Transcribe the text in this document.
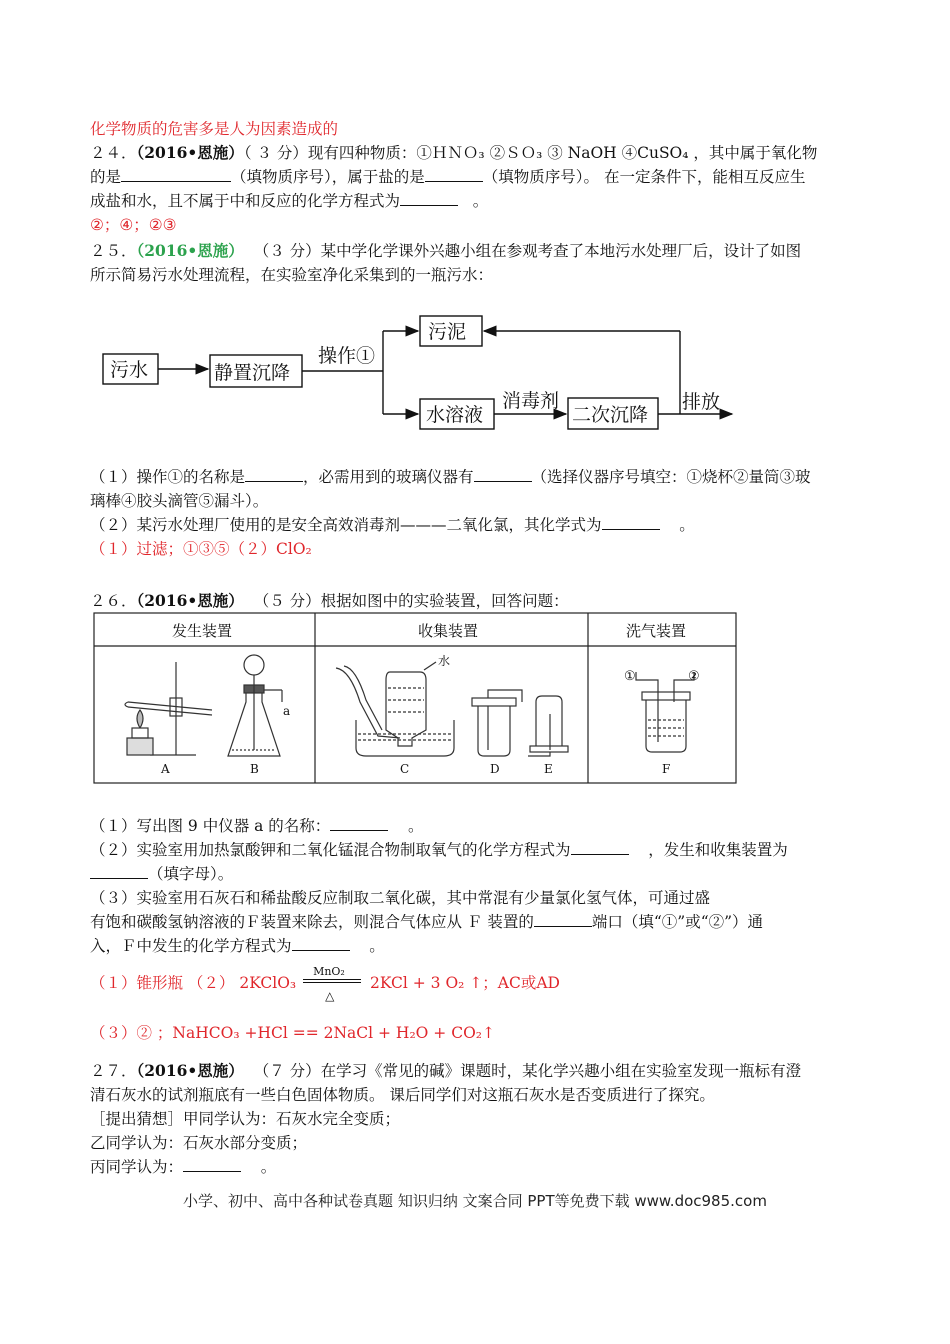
化学物质的危害多是人为因素造成的
２４．（2016•恩施）（ ３ 分）现有四种物质：①ＨＮＯ₃ ②ＳＯ₃ ③ NaOH ④CuSO₄ ，其中属于氧化物
的是	（填物质序号），属于盐的是	（填物质序号）。 在一定条件下，能相互反应生
成盐和水，且不属于中和反应的化学方程式为	。
②；④；②③
２５．（2016•恩施） （３ 分）某中学化学课外兴趣小组在参观考查了本地污水处理厂后，设计了如图
所示简易污水处理流程，在实验室净化采集到的一瓶污水：
污水	静置沉降
操作①
污泥
水溶液
消毒剂
二次沉降
排放
（１）操作①的名称是	，必需用到的玻璃仪器有	（选择仪器序号填空：①烧杯②量筒③玻
璃棒④胶头滴管⑤漏斗）。
（２）某污水处理厂使用的是安全高效消毒剂———二氧化氯，其化学式为	。
（１）过滤；①③⑤（２）ClO₂
２６．（2016•恩施） （５ 分）根据如图中的实验装置，回答问题：
发生装置	收集装置	洗气装置
A
a
B
水
C	D	E
①	②
F
（１）写出图 9 中仪器 a 的名称：	。
（２）实验室用加热氯酸钾和二氧化锰混合物制取氧气的化学方程式为	，发生和收集装置为
（填字母）。
（３）实验室用石灰石和稀盐酸反应制取二氧化碳，其中常混有少量氯化氢气体，可通过盛
有饱和碳酸氢钠溶液的Ｆ装置来除去，则混合气体应从 Ｆ 装置的	端口（填“①”或“②”）通
入，Ｆ中发生的化学方程式为	。
（１）锥形瓶 （２） 2KClO₃
MnO₂
△
2KCl + 3 O₂ ↑；AC或AD
（３）② ；NaHCO₃ +HCl == 2NaCl + H₂O + CO₂↑
２７．（2016•恩施） （７ 分）在学习《常见的碱》课题时，某化学兴趣小组在实验室发现一瓶标有澄
清石灰水的试剂瓶底有一些白色固体物质。 课后同学们对这瓶石灰水是否变质进行了探究。
［提出猜想］甲同学认为：石灰水完全变质；
乙同学认为：石灰水部分变质；
丙同学认为：	。
小学、初中、高中各种试卷真题 知识归纳 文案合同 PPT等免费下载 www.doc985.com
